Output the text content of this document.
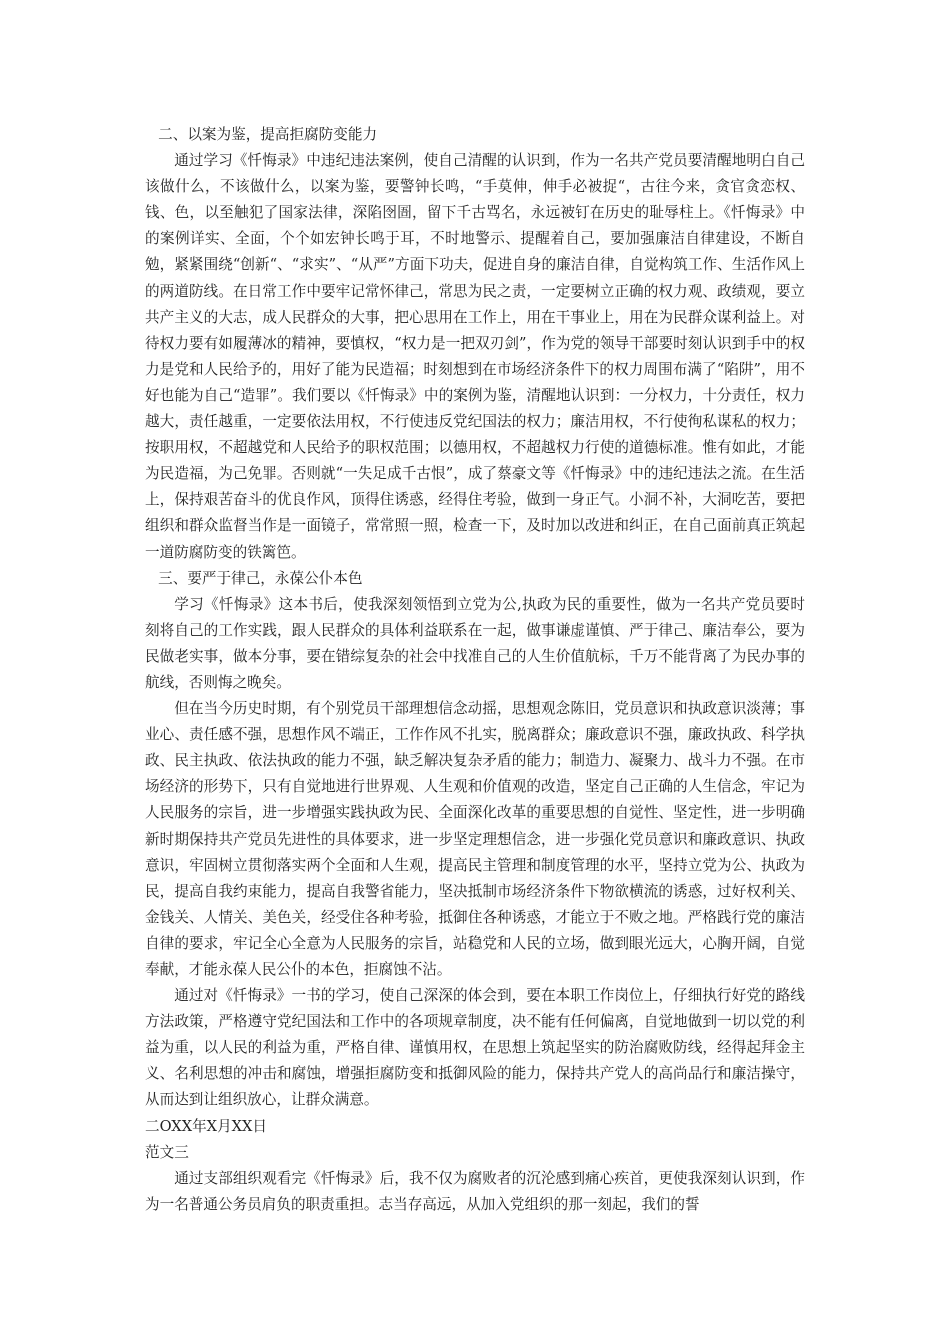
二、以案为鉴，提高拒腐防变能力

通过学习《忏悔录》中违纪违法案例，使自己清醒的认识到，作为一名共产党员要清醒地明白自己该做什么，不该做什么，以案为鉴，要警钟长鸣，“手莫伸，伸手必被捉“，古往今来，贪官贪恋权、钱、色，以至触犯了国家法律，深陷囹圄，留下千古骂名，永远被钉在历史的耻辱柱上。《忏悔录》中的案例详实、全面，个个如宏钟长鸣于耳，不时地警示、提醒着自己，要加强廉洁自律建设，不断自勉，紧紧围绕“创新“、“求实”、“从严”方面下功夫，促进自身的廉洁自律，自觉构筑工作、生活作风上的两道防线。在日常工作中要牢记常怀律己，常思为民之责，一定要树立正确的权力观、政绩观，要立共产主义的大志，成人民群众的大事，把心思用在工作上，用在干事业上，用在为民群众谋利益上。对待权力要有如履薄冰的精神，要慎权，“权力是一把双刃剑”，作为党的领导干部要时刻认识到手中的权力是党和人民给予的，用好了能为民造福；时刻想到在市场经济条件下的权力周围布满了“陷阱”，用不好也能为自己“造罪”。我们要以《忏悔录》中的案例为鉴，清醒地认识到：一分权力，十分责任，权力越大，责任越重，一定要依法用权，不行使违反党纪国法的权力；廉洁用权，不行使徇私谋私的权力；按职用权，不超越党和人民给予的职权范围；以德用权，不超越权力行使的道德标准。惟有如此，才能为民造福，为己免罪。否则就“一失足成千古恨”，成了蔡豪文等《忏悔录》中的违纪违法之流。在生活上，保持艰苦奋斗的优良作风，顶得住诱惑，经得住考验，做到一身正气。小洞不补，大洞吃苦，要把组织和群众监督当作是一面镜子，常常照一照，检查一下，及时加以改进和纠正，在自己面前真正筑起一道防腐防变的铁篱笆。

三、要严于律己，永葆公仆本色

学习《忏悔录》这本书后，使我深刻领悟到立党为公,执政为民的重要性，做为一名共产党员要时刻将自己的工作实践，跟人民群众的具体利益联系在一起，做事谦虚谨慎、严于律己、廉洁奉公，要为民做老实事，做本分事，要在错综复杂的社会中找准自己的人生价值航标，千万不能背离了为民办事的航线，否则悔之晚矣。

但在当今历史时期，有个别党员干部理想信念动摇，思想观念陈旧，党员意识和执政意识淡薄；事业心、责任感不强，思想作风不端正，工作作风不扎实，脱离群众；廉政意识不强，廉政执政、科学执政、民主执政、依法执政的能力不强，缺乏解决复杂矛盾的能力；制造力、凝聚力、战斗力不强。在市场经济的形势下，只有自觉地进行世界观、人生观和价值观的改造，坚定自己正确的人生信念，牢记为人民服务的宗旨，进一步增强实践执政为民、全面深化改革的重要思想的自觉性、坚定性，进一步明确新时期保持共产党员先进性的具体要求，进一步坚定理想信念，进一步强化党员意识和廉政意识、执政意识，牢固树立贯彻落实两个全面和人生观，提高民主管理和制度管理的水平，坚持立党为公、执政为民，提高自我约束能力，提高自我警省能力，坚决抵制市场经济条件下物欲横流的诱惑，过好权利关、金钱关、人情关、美色关，经受住各种考验，抵御住各种诱惑，才能立于不败之地。严格践行党的廉洁自律的要求，牢记全心全意为人民服务的宗旨，站稳党和人民的立场，做到眼光远大，心胸开阔，自觉奉献，才能永葆人民公仆的本色，拒腐蚀不沾。

通过对《忏悔录》一书的学习，使自己深深的体会到，要在本职工作岗位上，仔细执行好党的路线方法政策，严格遵守党纪国法和工作中的各项规章制度，决不能有任何偏离，自觉地做到一切以党的利益为重，以人民的利益为重，严格自律、谨慎用权，在思想上筑起坚实的防治腐败防线，经得起拜金主义、名利思想的冲击和腐蚀，增强拒腐防变和抵御风险的能力，保持共产党人的高尚品行和廉洁操守，从而达到让组织放心，让群众满意。

二OXX年X月XX日

范文三

通过支部组织观看完《忏悔录》后，我不仅为腐败者的沉沦感到痛心疾首，更使我深刻认识到，作为一名普通公务员肩负的职责重担。志当存高远，从加入党组织的那一刻起，我们的誓
